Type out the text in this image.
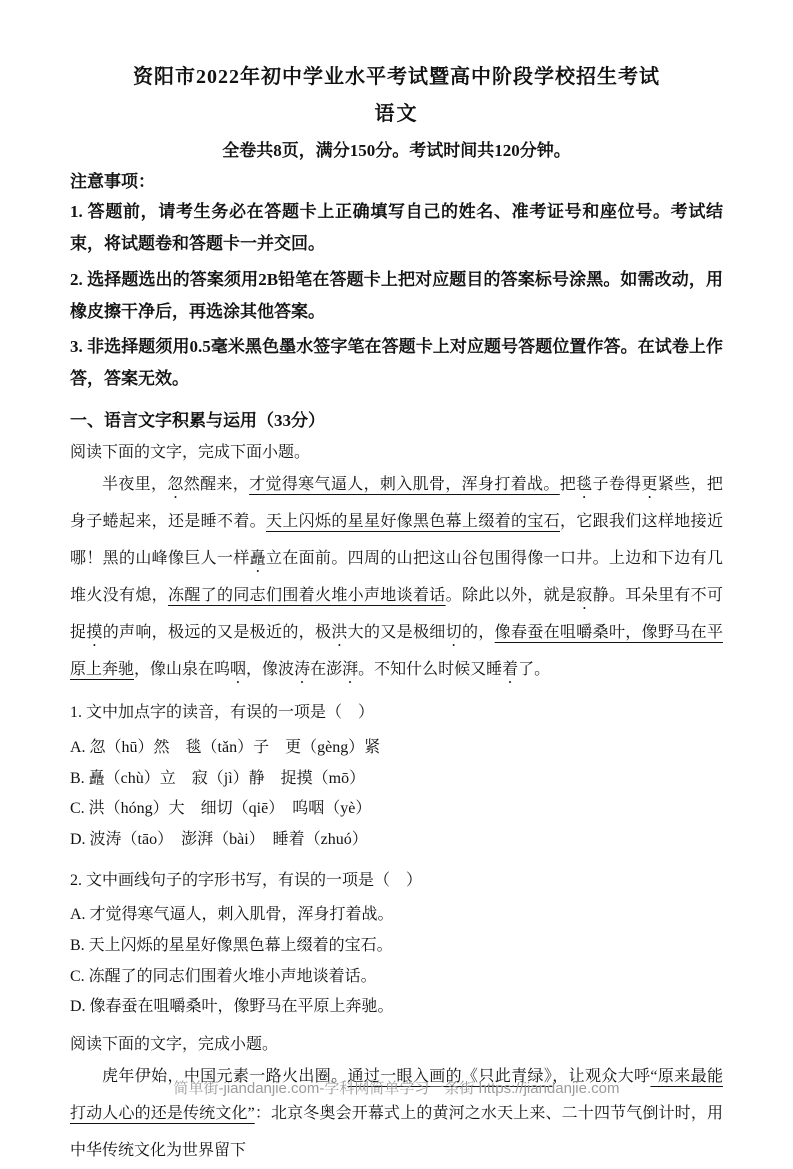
资阳市2022年初中学业水平考试暨高中阶段学校招生考试
语文

全卷共8页，满分150分。考试时间共120分钟。

注意事项：

1. 答题前，请考生务必在答题卡上正确填写自己的姓名、准考证号和座位号。考试结束，将试题卷和答题卡一并交回。

2. 选择题选出的答案须用2B铅笔在答题卡上把对应题目的答案标号涂黑。如需改动，用橡皮擦干净后，再选涂其他答案。

3. 非选择题须用0.5毫米黑色墨水签字笔在答题卡上对应题号答题位置作答。在试卷上作答，答案无效。

一、语言文字积累与运用（33分）

阅读下面的文字，完成下面小题。

半夜里，忽然醒来，才觉得寒气逼人，刺入肌骨，浑身打着战。把毯子卷得更紧些，把身子蜷起来，还是睡不着。天上闪烁的星星好像黑色幕上缀着的宝石，它跟我们这样地接近哪！黑的山峰像巨人一样矗立在面前。四周的山把这山谷包围得像一口井。上边和下边有几堆火没有熄，冻醒了的同志们围着火堆小声地谈着话。除此以外，就是寂静。耳朵里有不可捉摸的声响，极远的又是极近的，极洪大的又是极细切的，像春蚕在咀嚼桑叶，像野马在平原上奔驰，像山泉在呜咽，像波涛在澎湃。不知什么时候又睡着了。

1. 文中加点字的读音，有误的一项是（　）

A. 忽（hū）然　毯（tǎn）子　更（gèng）紧

B. 矗（chù）立　寂（jì）静　捉摸（mō）

C. 洪（hóng）大　细切（qiē）　呜咽（yè）

D. 波涛（tāo）　澎湃（bài）　睡着（zhuó）

2. 文中画线句子的字形书写，有误的一项是（　）

A. 才觉得寒气逼人，刺入肌骨，浑身打着战。

B. 天上闪烁的星星好像黑色幕上缀着的宝石。

C. 冻醒了的同志们围着火堆小声地谈着话。

D. 像春蚕在咀嚼桑叶，像野马在平原上奔驰。

阅读下面的文字，完成小题。

虎年伊始，中国元素一路火出圈。通过一眼入画的《只此青绿》，让观众大呼“原来最能打动人心的还是传统文化”：北京冬奥会开幕式上的黄河之水天上来、二十四节气倒计时，用中华传统文化为世界留下

简单街-jiandanjie.com-学科网简单学习一条街 https://jiandanjie.com
